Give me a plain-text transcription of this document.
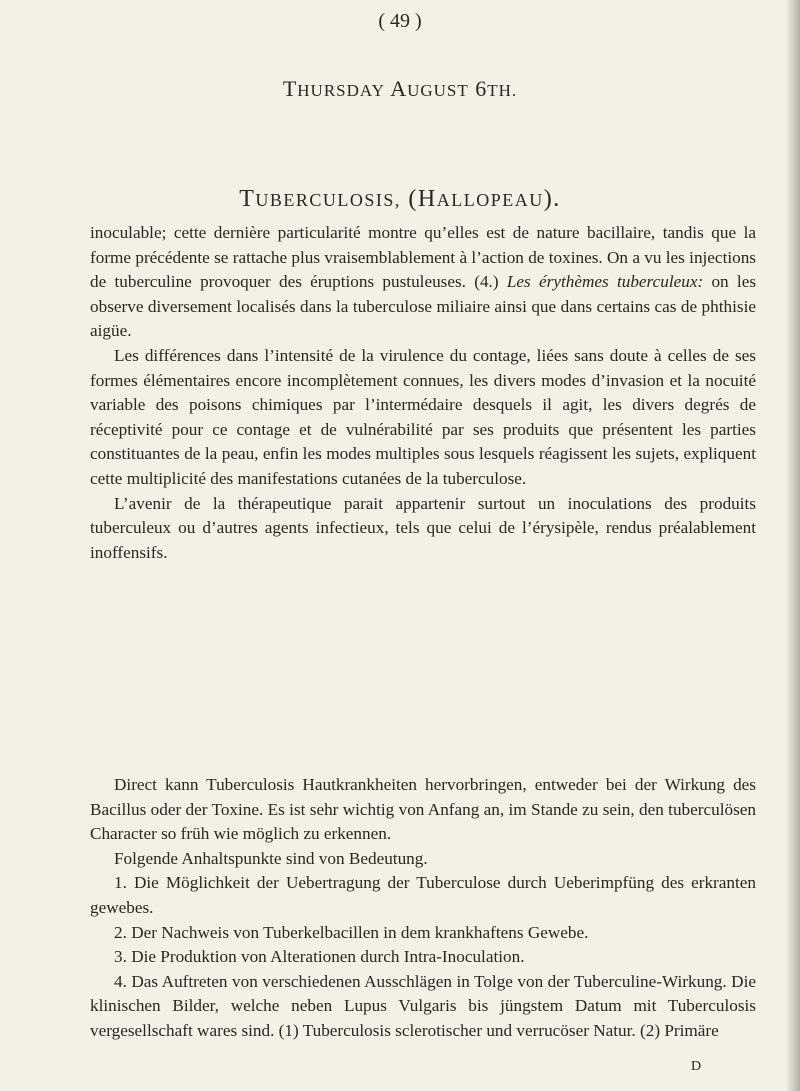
( 49 )
THURSDAY AUGUST 6TH.
TUBERCULOSIS, (HALLOPEAU).

inoculable; cette dernière particularité montre qu’elles est de nature bacillaire, tandis que la forme précédente se rattache plus vraisemblablement à l’action de toxines. On a vu les injections de tuberculine provoquer des éruptions pustuleuses. (4.) Les érythèmes tuberculeux: on les observe diversement localisés dans la tuberculose miliaire ainsi que dans certains cas de phthisie aigüe.

Les différences dans l’intensité de la virulence du contage, liées sans doute à celles de ses formes élémentaires encore incomplètement connues, les divers modes d’invasion et la nocuité variable des poisons chimiques par l’intermédaire desquels il agit, les divers degrés de réceptivité pour ce contage et de vulnérabilité par ses produits que présentent les parties constituantes de la peau, enfin les modes multiples sous lesquels réagissent les sujets, expliquent cette multiplicité des manifestations cutanées de la tuberculose.

L’avenir de la thérapeutique parait appartenir surtout un inoculations des produits tuberculeux ou d’autres agents infectieux, tels que celui de l’érysipèle, rendus préalablement inoffensifs.

Direct kann Tuberculosis Hautkrankheiten hervorbringen, entweder bei der Wirkung des Bacillus oder der Toxine. Es ist sehr wichtig von Anfang an, im Stande zu sein, den tuberculösen Character so früh wie möglich zu erkennen.

Folgende Anhaltspunkte sind von Bedeutung.

1. Die Möglichkeit der Uebertragung der Tuberculose durch Ueberimpfüng des erkranten gewebes.

2. Der Nachweis von Tuberkelbacillen in dem krankhaftens Gewebe.

3. Die Produktion von Alterationen durch Intra-Inoculation.

4. Das Auftreten von verschiedenen Ausschlägen in Tolge von der Tuberculine-Wirkung. Die klinischen Bilder, welche neben Lupus Vulgaris bis jüngstem Datum mit Tuberculosis vergesellschaft wares sind. (1) Tuberculosis sclerotischer und verrucöser Natur. (2) Primäre

D
